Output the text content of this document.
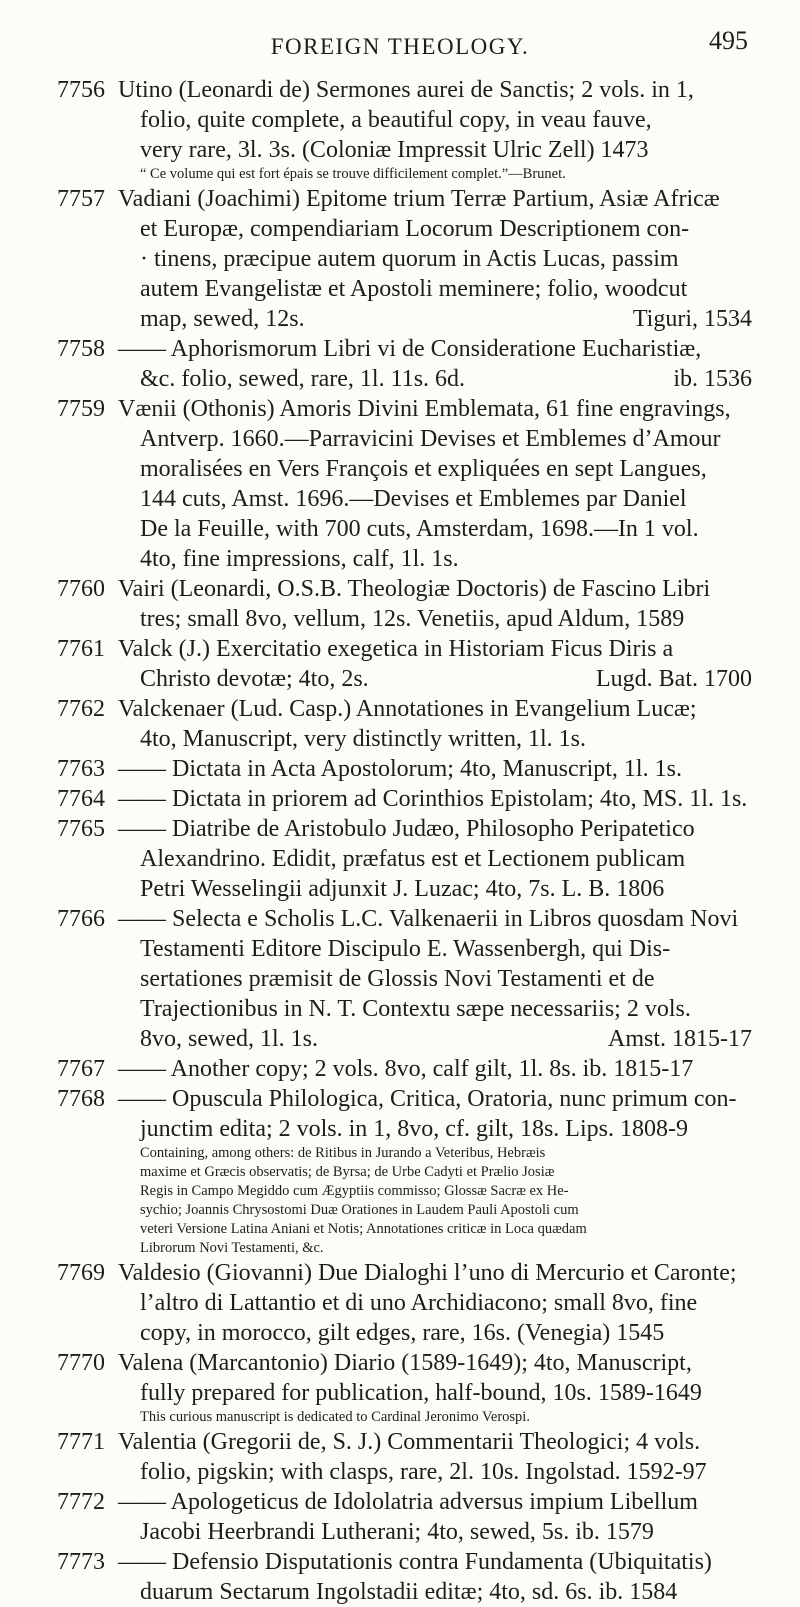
FOREIGN THEOLOGY.	495
7756 Utino (Leonardi de) Sermones aurei de Sanctis; 2 vols. in 1,
folio, quite complete, a beautiful copy, in veau fauve,
very rare, 3l. 3s. (Coloniæ Impressit Ulric Zell) 1473
“ Ce volume qui est fort épais se trouve difficilement complet.”—Brunet.
7757 Vadiani (Joachimi) Epitome trium Terræ Partium, Asiæ Africæ
et Europæ, compendiariam Locorum Descriptionem con-
· tinens, præcipue autem quorum in Actis Lucas, passim
autem Evangelistæ et Apostoli meminere; folio, woodcut
map, sewed, 12s.	Tiguri, 1534
7758 —— Aphorismorum Libri vi de Consideratione Eucharistiæ,
&c. folio, sewed, rare, 1l. 11s. 6d.	ib. 1536
7759 Vænii (Othonis) Amoris Divini Emblemata, 61 fine engravings,
Antverp. 1660.—Parravicini Devises et Emblemes d’Amour
moralisées en Vers François et expliquées en sept Langues,
144 cuts, Amst. 1696.—Devises et Emblemes par Daniel
De la Feuille, with 700 cuts, Amsterdam, 1698.—In 1 vol.
4to, fine impressions, calf, 1l. 1s.
7760 Vairi (Leonardi, O.S.B. Theologiæ Doctoris) de Fascino Libri
tres; small 8vo, vellum, 12s. Venetiis, apud Aldum, 1589
7761 Valck (J.) Exercitatio exegetica in Historiam Ficus Diris a
Christo devotæ; 4to, 2s.	Lugd. Bat. 1700
7762 Valckenaer (Lud. Casp.) Annotationes in Evangelium Lucæ;
4to, Manuscript, very distinctly written, 1l. 1s.
7763 —— Dictata in Acta Apostolorum; 4to, Manuscript, 1l. 1s.
7764 —— Dictata in priorem ad Corinthios Epistolam; 4to, MS. 1l. 1s.
7765 —— Diatribe de Aristobulo Judæo, Philosopho Peripatetico
Alexandrino. Edidit, præfatus est et Lectionem publicam
Petri Wesselingii adjunxit J. Luzac; 4to, 7s. L. B. 1806
7766 —— Selecta e Scholis L.C. Valkenaerii in Libros quosdam Novi
Testamenti Editore Discipulo E. Wassenbergh, qui Dis-
sertationes præmisit de Glossis Novi Testamenti et de
Trajectionibus in N. T. Contextu sæpe necessariis; 2 vols.
8vo, sewed, 1l. 1s.	Amst. 1815-17
7767 —— Another copy; 2 vols. 8vo, calf gilt, 1l. 8s. ib. 1815-17
7768 —— Opuscula Philologica, Critica, Oratoria, nunc primum con-
junctim edita; 2 vols. in 1, 8vo, cf. gilt, 18s. Lips. 1808-9
Containing, among others: de Ritibus in Jurando a Veteribus, Hebræis
maxime et Græcis observatis; de Byrsa; de Urbe Cadyti et Prælio Josiæ
Regis in Campo Megiddo cum Ægyptiis commisso; Glossæ Sacræ ex He-
sychio; Joannis Chrysostomi Duæ Orationes in Laudem Pauli Apostoli cum
veteri Versione Latina Aniani et Notis; Annotationes criticæ in Loca quædam
Librorum Novi Testamenti, &c.
7769 Valdesio (Giovanni) Due Dialoghi l’uno di Mercurio et Caronte;
l’altro di Lattantio et di uno Archidiacono; small 8vo, fine
copy, in morocco, gilt edges, rare, 16s. (Venegia) 1545
7770 Valena (Marcantonio) Diario (1589-1649); 4to, Manuscript,
fully prepared for publication, half-bound, 10s. 1589-1649
This curious manuscript is dedicated to Cardinal Jeronimo Verospi.
7771 Valentia (Gregorii de, S. J.) Commentarii Theologici; 4 vols.
folio, pigskin; with clasps, rare, 2l. 10s. Ingolstad. 1592-97
7772 —— Apologeticus de Idololatria adversus impium Libellum
Jacobi Heerbrandi Lutherani; 4to, sewed, 5s. ib. 1579
7773 —— Defensio Disputationis contra Fundamenta (Ubiquitatis)
duarum Sectarum Ingolstadii editæ; 4to, sd. 6s. ib. 1584
